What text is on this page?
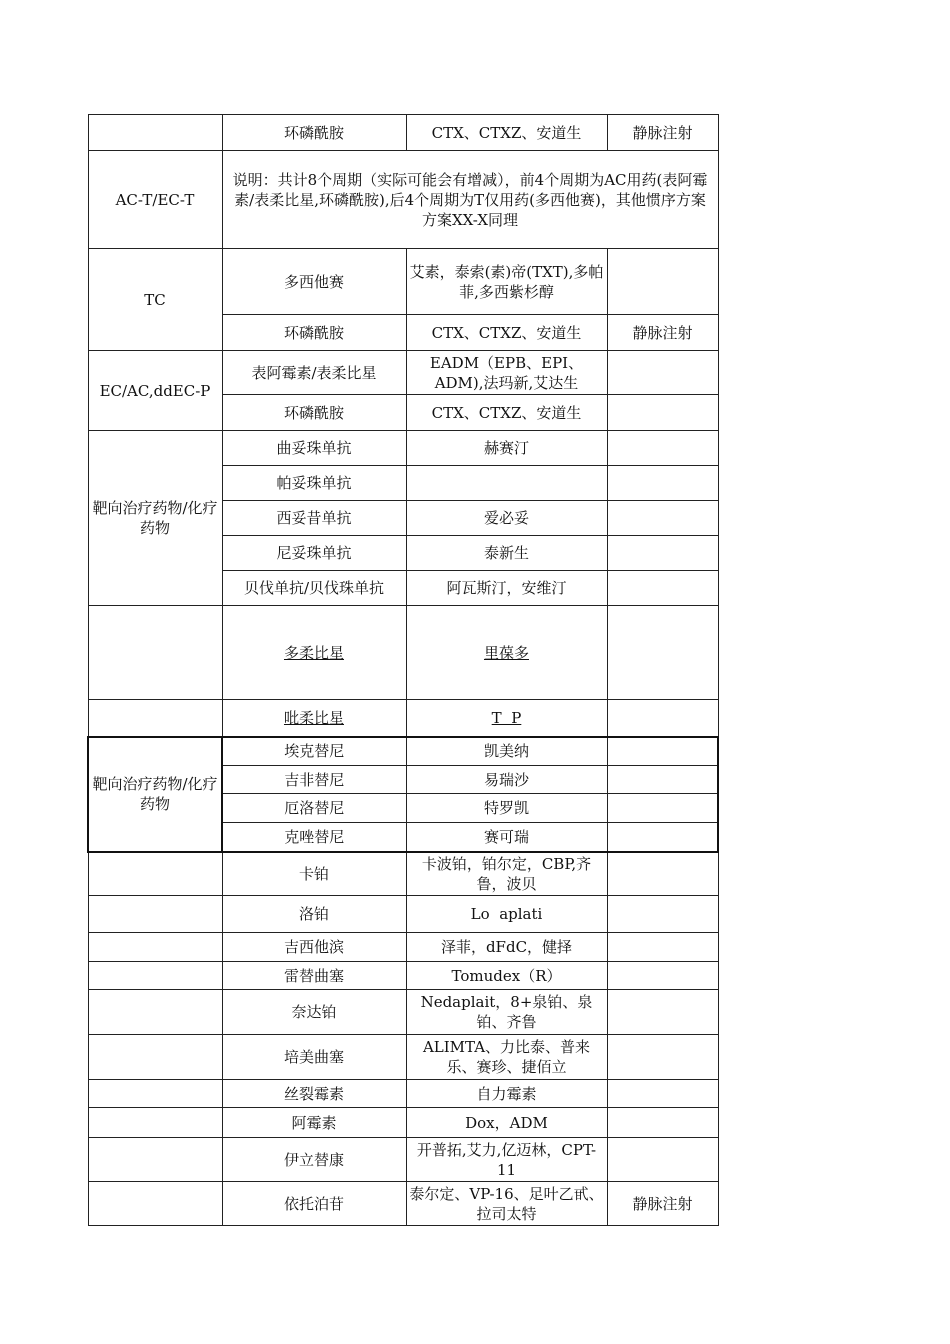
	环磷酰胺	CTX、CTXZ、安道生	静脉注射
AC-T/EC-T	说明：共计8个周期（实际可能会有增减），前4个周期为AC用药(表阿霉素/表柔比星,环磷酰胺),后4个周期为T仅用药(多西他赛)，其他惯序方案方案XX-X同理		
TC	多西他赛	艾素，泰索(素)帝(TXT),多帕菲,多西紫杉醇	
	环磷酰胺	CTX、CTXZ、安道生	静脉注射
EC/AC,ddEC-P	表阿霉素/表柔比星	EADM（EPB、EPI、ADM),法玛新,艾达生	
	环磷酰胺	CTX、CTXZ、安道生	
靶向治疗药物/化疗药物	曲妥珠单抗	赫赛汀	
	帕妥珠单抗		
	西妥昔单抗	爱必妥	
	尼妥珠单抗	泰新生	
	贝伐单抗/贝伐珠单抗	阿瓦斯汀，安维汀	
	多柔比星	里葆多	
	吡柔比星	T  P	
靶向治疗药物/化疗药物	埃克替尼	凯美纳	
	吉非替尼	易瑞沙	
	厄洛替尼	特罗凯	
	克唑替尼	赛可瑞	
	卡铂	卡波铂，铂尔定，CBP,齐鲁，波贝	
	洛铂	Lo  aplati	
	吉西他滨	泽菲，dFdC，健择	
	雷替曲塞	Tomudex（R）	
	奈达铂	Nedaplait，8+泉铂、泉铂、齐鲁	
	培美曲塞	ALIMTA、力比泰、普来乐、赛珍、捷佰立	
	丝裂霉素	自力霉素	
	阿霉素	Dox，ADM	
	伊立替康	开普拓,艾力,亿迈林，CPT-11	
	依托泊苷	泰尔定、VP-16、足叶乙甙、拉司太特	静脉注射
